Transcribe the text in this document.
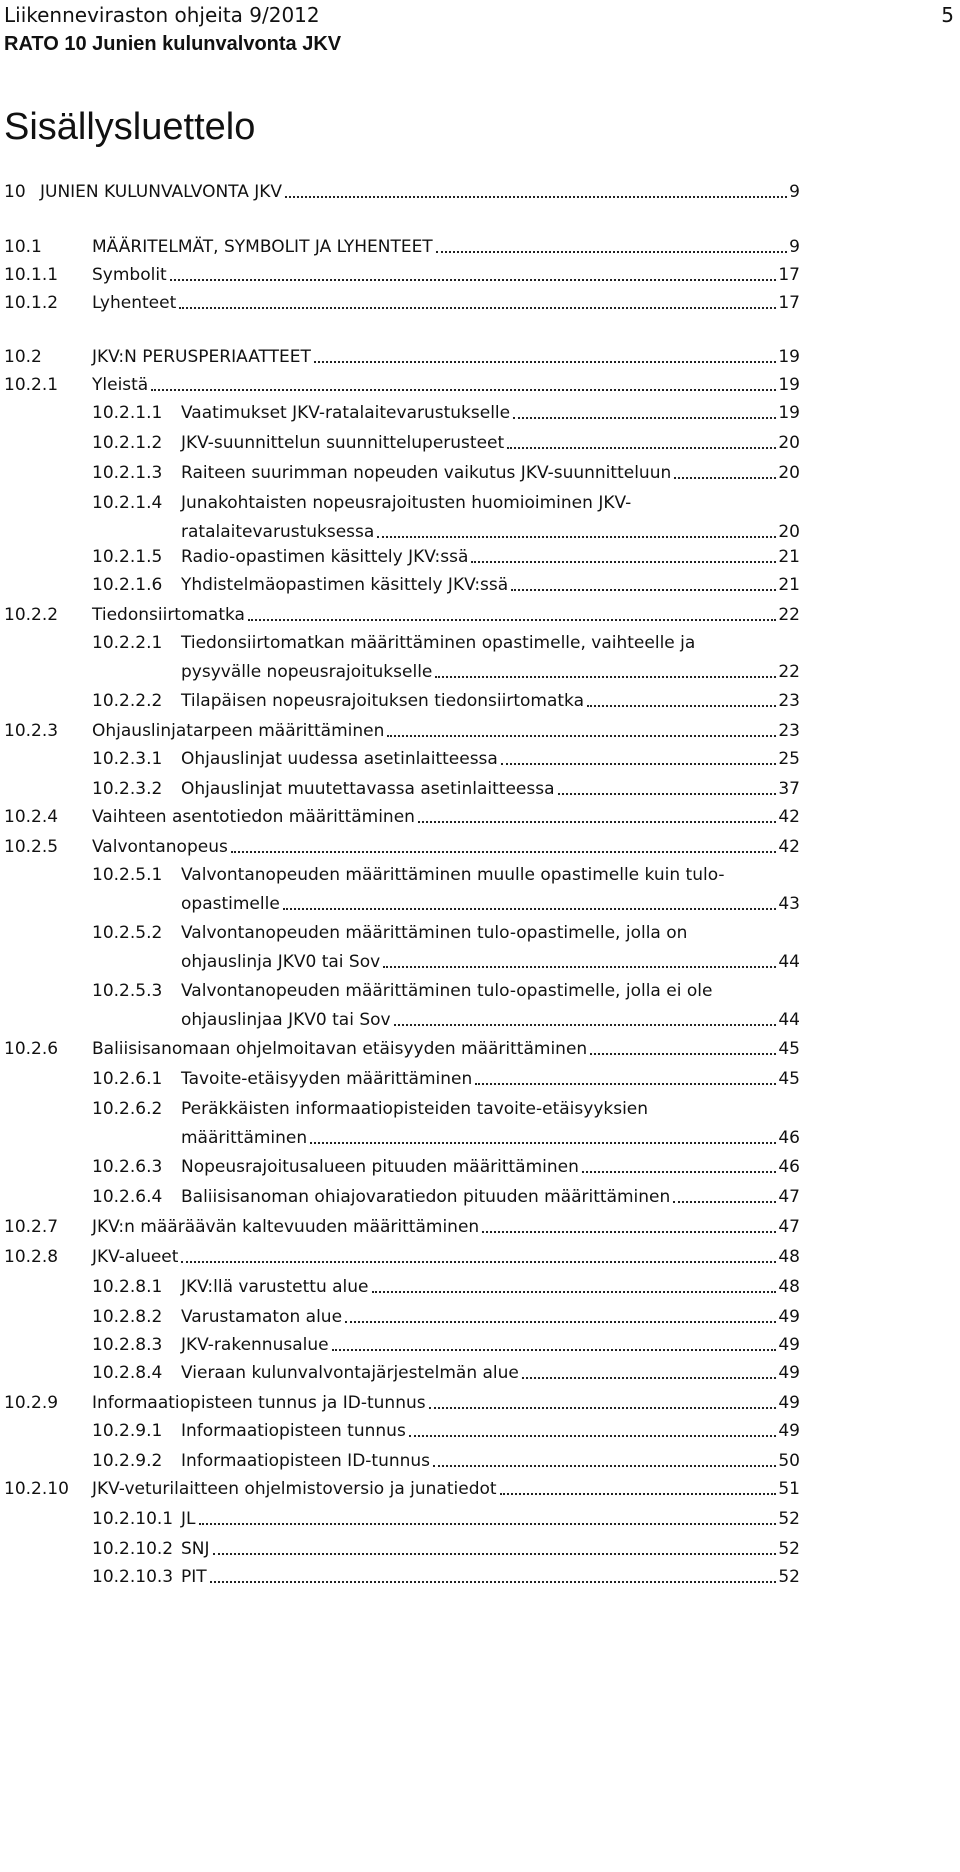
Liikenneviraston ohjeita 9/2012
RATO 10 Junien kulunvalvonta JKV
5
Sisällysluettelo
10 JUNIEN KULUNVALVONTA JKV	9
10.1	MÄÄRITELMÄT, SYMBOLIT JA LYHENTEET	9
10.1.1 Symbolit	17
10.1.2 Lyhenteet	17
10.2	JKV:N PERUSPERIAATTEET	19
10.2.1 Yleistä	19
10.2.1.1 Vaatimukset JKV-ratalaitevarustukselle	19
10.2.1.2 JKV-suunnittelun suunnitteluperusteet	20
10.2.1.3 Raiteen suurimman nopeuden vaikutus JKV-suunnitteluun	20
10.2.1.4 Junakohtaisten nopeusrajoitusten huomioiminen JKV-
ratalaitevarustuksessa	20
10.2.1.5 Radio-opastimen käsittely JKV:ssä	21
10.2.1.6 Yhdistelmäopastimen käsittely JKV:ssä	21
10.2.2 Tiedonsiirtomatka	22
10.2.2.1 Tiedonsiirtomatkan määrittäminen opastimelle, vaihteelle ja
pysyvälle nopeusrajoitukselle	22
10.2.2.2 Tilapäisen nopeusrajoituksen tiedonsiirtomatka	23
10.2.3 Ohjauslinjatarpeen määrittäminen	23
10.2.3.1 Ohjauslinjat uudessa asetinlaitteessa	25
10.2.3.2 Ohjauslinjat muutettavassa asetinlaitteessa	37
10.2.4 Vaihteen asentotiedon määrittäminen	42
10.2.5 Valvontanopeus	42
10.2.5.1 Valvontanopeuden määrittäminen muulle opastimelle kuin tulo-
opastimelle	43
10.2.5.2 Valvontanopeuden määrittäminen tulo-opastimelle, jolla on
ohjauslinja JKV0 tai Sov	44
10.2.5.3 Valvontanopeuden määrittäminen tulo-opastimelle, jolla ei ole
ohjauslinjaa JKV0 tai Sov	44
10.2.6 Baliisisanomaan ohjelmoitavan etäisyyden määrittäminen	45
10.2.6.1 Tavoite-etäisyyden määrittäminen	45
10.2.6.2 Peräkkäisten informaatiopisteiden tavoite-etäisyyksien
määrittäminen	46
10.2.6.3 Nopeusrajoitusalueen pituuden määrittäminen	46
10.2.6.4 Baliisisanoman ohiajovaratiedon pituuden määrittäminen	47
10.2.7 JKV:n määräävän kaltevuuden määrittäminen	47
10.2.8 JKV-alueet	48
10.2.8.1 JKV:llä varustettu alue	48
10.2.8.2 Varustamaton alue	49
10.2.8.3 JKV-rakennusalue	49
10.2.8.4 Vieraan kulunvalvontajärjestelmän alue	49
10.2.9 Informaatiopisteen tunnus ja ID-tunnus	49
10.2.9.1 Informaatiopisteen tunnus	49
10.2.9.2 Informaatiopisteen ID-tunnus	50
10.2.10 JKV-veturilaitteen ohjelmistoversio ja junatiedot	51
10.2.10.1 JL	52
10.2.10.2 SNJ	52
10.2.10.3 PIT	52
